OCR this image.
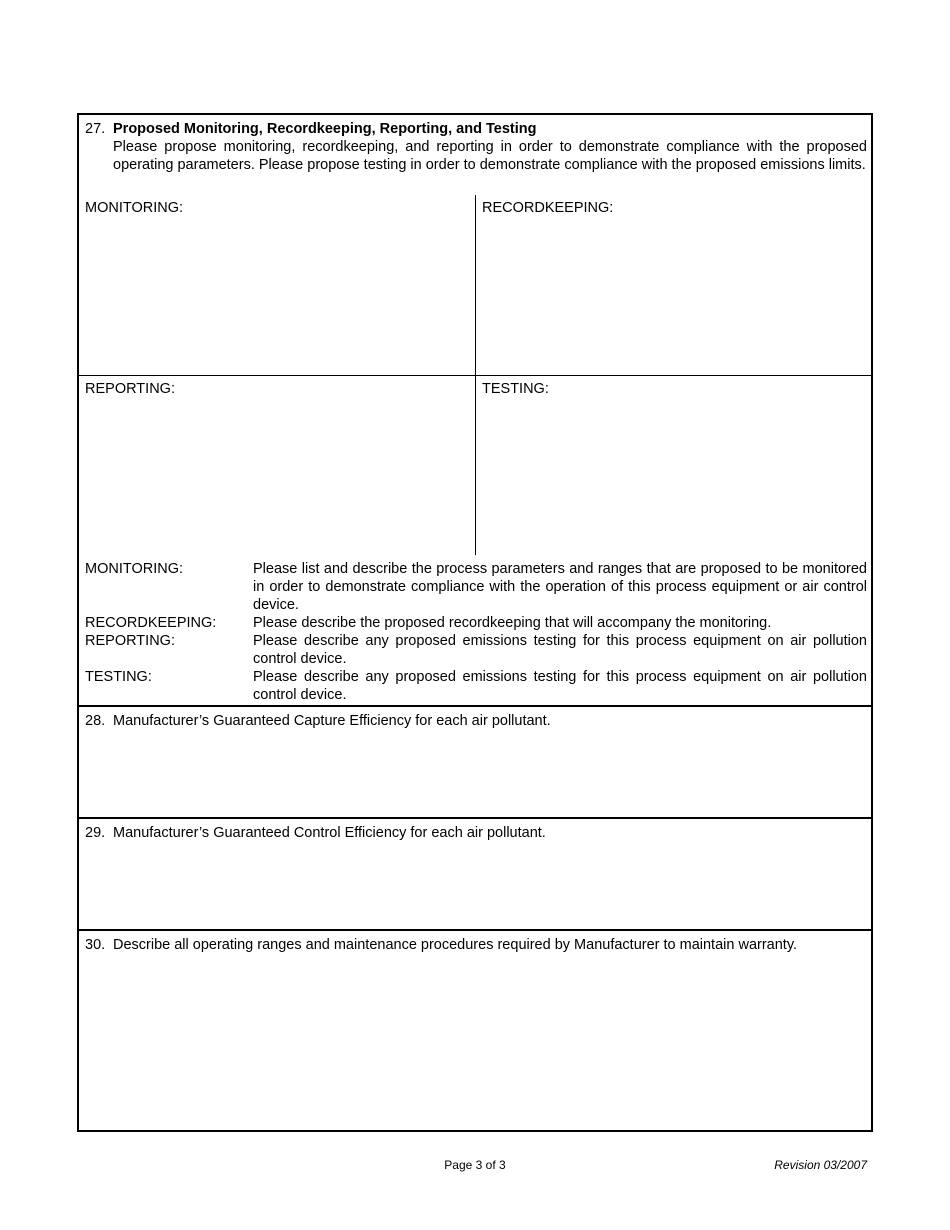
27. Proposed Monitoring, Recordkeeping, Reporting, and Testing
Please propose monitoring, recordkeeping, and reporting in order to demonstrate compliance with the proposed operating parameters. Please propose testing in order to demonstrate compliance with the proposed emissions limits.
MONITORING:	RECORDKEEPING:
REPORTING:	TESTING:
MONITORING:	Please list and describe the process parameters and ranges that are proposed to be monitored in order to demonstrate compliance with the operation of this process equipment or air control device.
RECORDKEEPING:	Please describe the proposed recordkeeping that will accompany the monitoring.
REPORTING:	Please describe any proposed emissions testing for this process equipment on air pollution control device.
TESTING:	Please describe any proposed emissions testing for this process equipment on air pollution control device.
28. Manufacturer’s Guaranteed Capture Efficiency for each air pollutant.
29. Manufacturer’s Guaranteed Control Efficiency for each air pollutant.
30. Describe all operating ranges and maintenance procedures required by Manufacturer to maintain warranty.
Page 3 of 3	Revision 03/2007
